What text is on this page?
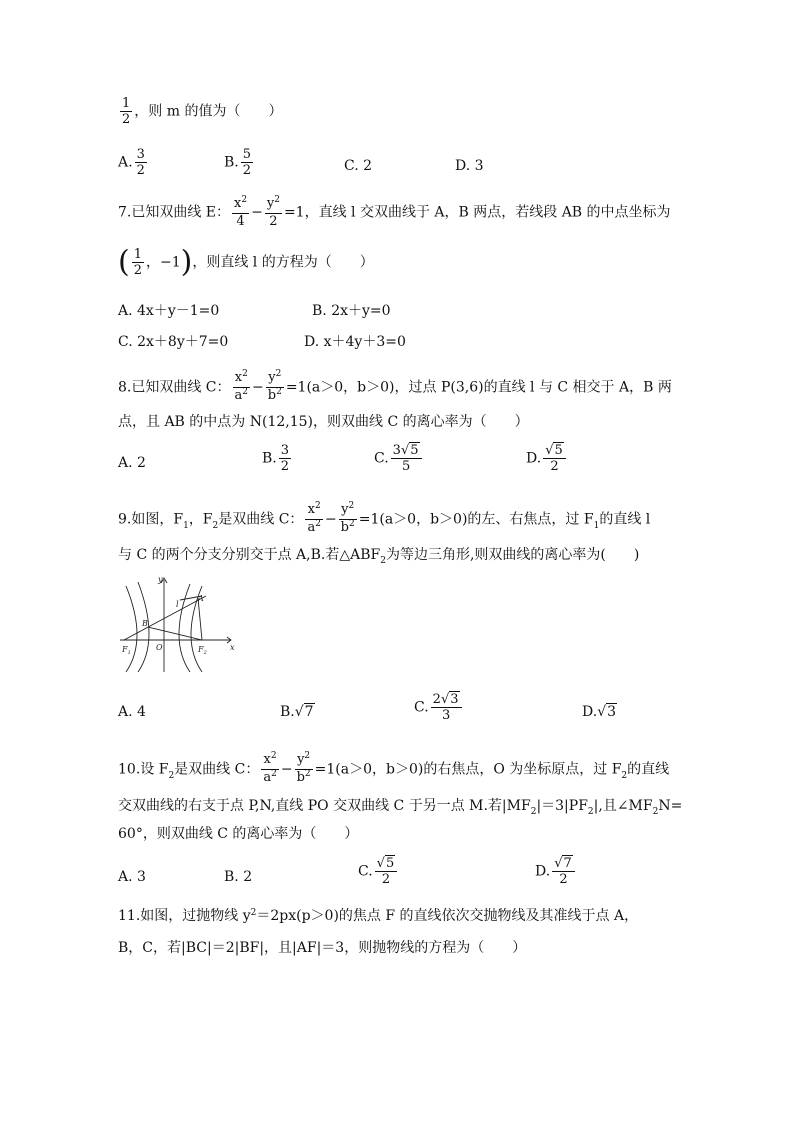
$\frac{1}{2}$ ，则 m 的值为（　　）
A. $\frac{3}{2}$	B. $\frac{5}{2}$	C. 2	D. 3
7.已知双曲线 E： $\frac{x^2}{4} - \frac{y^2}{2} =1$，直线 l 交双曲线于 A，B 两点，若线段 AB 的中点坐标为
( $\frac{1}{2}$ ，−1)，则直线 l 的方程为（　　）
A. 4x＋y－1=0	B. 2x＋y=0
C. 2x＋8y＋7=0	D. x＋4y＋3=0
8.已知双曲线 C： $\frac{x^2}{a^2} - \frac{y^2}{b^2} =1(a>0$，b＞0)，过点 P(3,6)的直线 l 与 C 相交于 A，B 两
点，且 AB 的中点为 N(12,15)，则双曲线 C 的离心率为（　　）
A. 2	B. $\frac{3}{2}$	C. $\frac{3√5}{5}$	D. $\frac{√5}{2}$
9.如图，$F_1$，$F_2$是双曲线 C： $\frac{x^2}{a^2} - \frac{y^2}{b^2} =1(a>0$，b＞0)的左、右焦点，过 $F_1$的直线 l
与 C 的两个分支分别交于点 A,B.若$\triangle ABF_2$为等边三角形,则双曲线的离心率为(　　)
y
l
A
B
$F_1$
O	$F_2$
x
A. 4	B.√7	C. $\frac{2√3}{3}$	D.√3
10.设 $F_2$是双曲线 C： $\frac{x^2}{a^2} - \frac{y^2}{b^2} =1(a>0$，b＞0)的右焦点，O 为坐标原点，过 $F_2$的直线
交双曲线的右支于点 P,N,直线 PO 交双曲线 C 于另一点 M.若$|MF_2|=3|PF_2|$,且$\angle MF_2N=$
60°，则双曲线 C 的离心率为（　　）
A. 3	B. 2	C. $\frac{√5}{2}$	D. $\frac{√7}{2}$
11.如图，过抛物线 $y^2=2px(p>0)$的焦点 F 的直线依次交抛物线及其准线于点 A，
B，C，若|BC|＝2|BF|，且|AF|＝3，则抛物线的方程为（　　）
